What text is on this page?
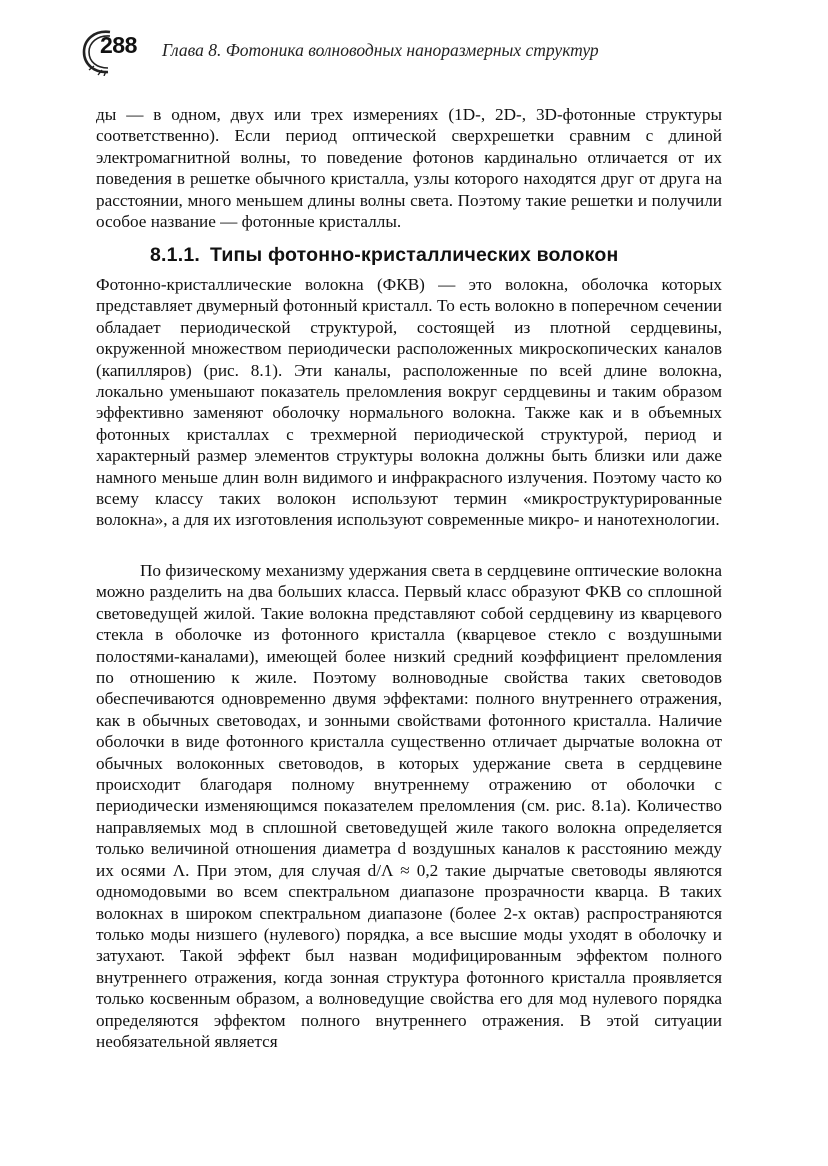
288 Глава 8. Фотоника волноводных наноразмерных структур

ды — в одном, двух или трех измерениях (1D-, 2D-, 3D-фотонные структуры соответственно). Если период оптической сверхрешетки сравним с длиной электромагнитной волны, то поведение фотонов кардинально отличается от их поведения в решетке обычного кристалла, узлы которого находятся друг от друга на расстоянии, много меньшем длины волны света. Поэтому такие решетки и получили особое название — фотонные кристаллы.

8.1.1. Типы фотонно-кристаллических волокон

Фотонно-кристаллические волокна (ФКВ) — это волокна, оболочка которых представляет двумерный фотонный кристалл. То есть волокно в поперечном сечении обладает периодической структурой, состоящей из плотной сердцевины, окруженной множеством периодически расположенных микроскопических каналов (капилляров) (рис. 8.1). Эти каналы, расположенные по всей длине волокна, локально уменьшают показатель преломления вокруг сердцевины и таким образом эффективно заменяют оболочку нормального волокна. Также как и в объемных фотонных кристаллах с трехмерной периодической структурой, период и характерный размер элементов структуры волокна должны быть близки или даже намного меньше длин волн видимого и инфракрасного излучения. Поэтому часто ко всему классу таких волокон используют термин «микроструктурированные волокна», а для их изготовления используют современные микро- и нанотехнологии.

По физическому механизму удержания света в сердцевине оптические волокна можно разделить на два больших класса. Первый класс образуют ФКВ со сплошной световедущей жилой. Такие волокна представляют собой сердцевину из кварцевого стекла в оболочке из фотонного кристалла (кварцевое стекло с воздушными полостями-каналами), имеющей более низкий средний коэффициент преломления по отношению к жиле. Поэтому волноводные свойства таких световодов обеспечиваются одновременно двумя эффектами: полного внутреннего отражения, как в обычных световодах, и зонными свойствами фотонного кристалла. Наличие оболочки в виде фотонного кристалла существенно отличает дырчатые волокна от обычных волоконных световодов, в которых удержание света в сердцевине происходит благодаря полному внутреннему отражению от оболочки с периодически изменяющимся показателем преломления (см. рис. 8.1а). Количество направляемых мод в сплошной световедущей жиле такого волокна определяется только величиной отношения диаметра d воздушных каналов к расстоянию между их осями Λ. При этом, для случая d/Λ ≈ 0,2 такие дырчатые световоды являются одномодовыми во всем спектральном диапазоне прозрачности кварца. В таких волокнах в широком спектральном диапазоне (более 2-х октав) распространяются только моды низшего (нулевого) порядка, а все высшие моды уходят в оболочку и затухают. Такой эффект был назван модифицированным эффектом полного внутреннего отражения, когда зонная структура фотонного кристалла проявляется только косвенным образом, а волноведущие свойства его для мод нулевого порядка определяются эффектом полного внутреннего отражения. В этой ситуации необязательной является
